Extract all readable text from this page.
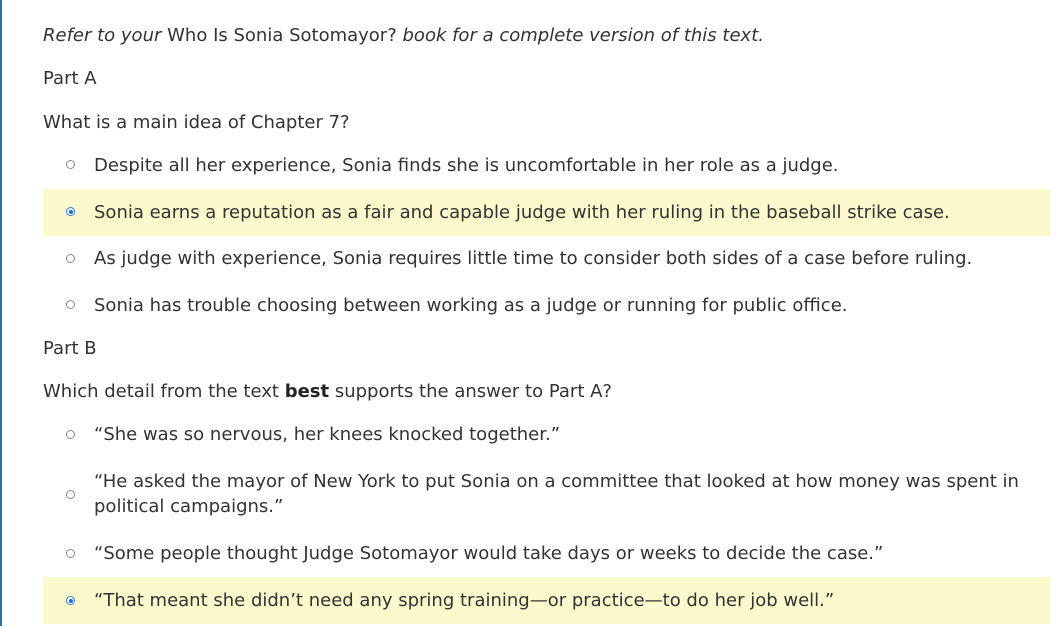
Refer to your Who Is Sonia Sotomayor? book for a complete version of this text.
Part A
What is a main idea of Chapter 7?
Despite all her experience, Sonia finds she is uncomfortable in her role as a judge.
Sonia earns a reputation as a fair and capable judge with her ruling in the baseball strike case.
As judge with experience, Sonia requires little time to consider both sides of a case before ruling.
Sonia has trouble choosing between working as a judge or running for public office.
Part B
Which detail from the text best supports the answer to Part A?
“She was so nervous, her knees knocked together.”
“He asked the mayor of New York to put Sonia on a committee that looked at how money was spent in political campaigns.”
“Some people thought Judge Sotomayor would take days or weeks to decide the case.”
“That meant she didn’t need any spring training—or practice—to do her job well.”
